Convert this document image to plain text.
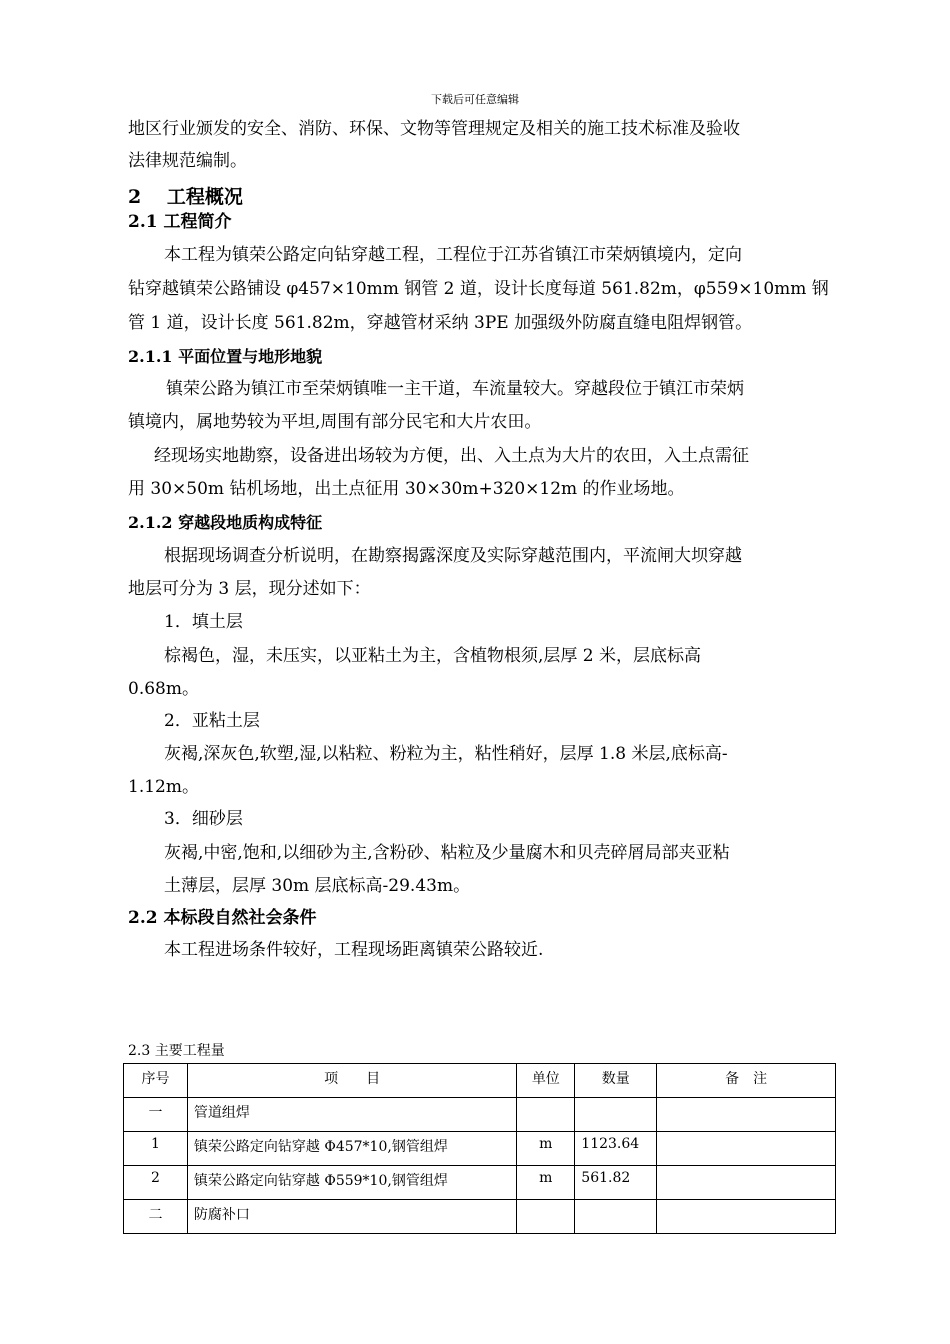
下载后可任意编辑
地区行业颁发的安全、消防、环保、文物等管理规定及相关的施工技术标准及验收
法律规范编制。
2　 工程概况
2.1 工程简介
本工程为镇荣公路定向钻穿越工程，工程位于江苏省镇江市荣炳镇境内，定向
钻穿越镇荣公路铺设 φ457×10mm 钢管 2 道，设计长度每道 561.82m，φ559×10mm 钢
管 1 道，设计长度 561.82m，穿越管材采纳 3PE 加强级外防腐直缝电阻焊钢管。
2.1.1 平面位置与地形地貌
镇荣公路为镇江市至荣炳镇唯一主干道，车流量较大。穿越段位于镇江市荣炳
镇境内，属地势较为平坦,周围有部分民宅和大片农田。
经现场实地勘察，设备进出场较为方便，出、入土点为大片的农田，入土点需征
用 30×50m 钻机场地，出土点征用 30×30m+320×12m 的作业场地。
2.1.2 穿越段地质构成特征
根据现场调查分析说明，在勘察揭露深度及实际穿越范围内，平流闸大坝穿越
地层可分为 3 层，现分述如下：
1．填土层
棕褐色，湿，未压实，以亚粘土为主，含植物根须,层厚 2 米，层底标高
0.68m。
2．亚粘土层
灰褐,深灰色,软塑,湿,以粘粒、粉粒为主，粘性稍好，层厚 1.8 米层,底标高-
1.12m。
3．细砂层
灰褐,中密,饱和,以细砂为主,含粉砂、粘粒及少量腐木和贝壳碎屑局部夹亚粘
土薄层，层厚 30m 层底标高-29.43m。
2.2 本标段自然社会条件
本工程进场条件较好，工程现场距离镇荣公路较近.
2.3 主要工程量
序号	项　　目	单位	数量	备　注
一	管道组焊			
1	镇荣公路定向钻穿越 Φ457*10,钢管组焊	m	1123.64	
2	镇荣公路定向钻穿越 Φ559*10,钢管组焊	m	561.82	
二	防腐补口			
